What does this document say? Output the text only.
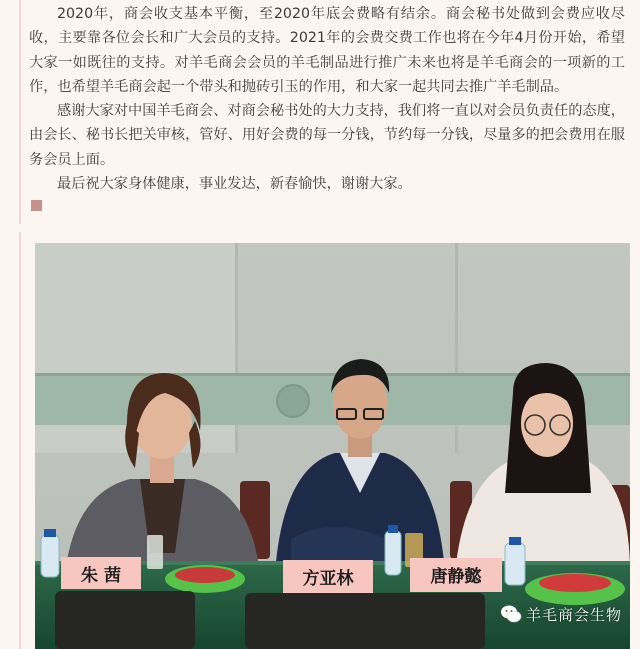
2020年，商会收支基本平衡，至2020年底会费略有结余。商会秘书处做到会费应收尽收，主要靠各位会长和广大会员的支持。2021年的会费交费工作也将在今年4月份开始，希望大家一如既往的支持。对羊毛商会会员的羊毛制品进行推广未来也将是羊毛商会的一项新的工作，也希望羊毛商会起一个带头和抛砖引玉的作用，和大家一起共同去推广羊毛制品。

感谢大家对中国羊毛商会、对商会秘书处的大力支持，我们将一直以对会员负责任的态度，由会长、秘书长把关审核，管好、用好会费的每一分钱，节约每一分钱，尽量多的把会费用在服务会员上面。

最后祝大家身体健康，事业发达，新春愉快，谢谢大家。

朱 茜	方亚林	唐静懿
羊毛商会生物
